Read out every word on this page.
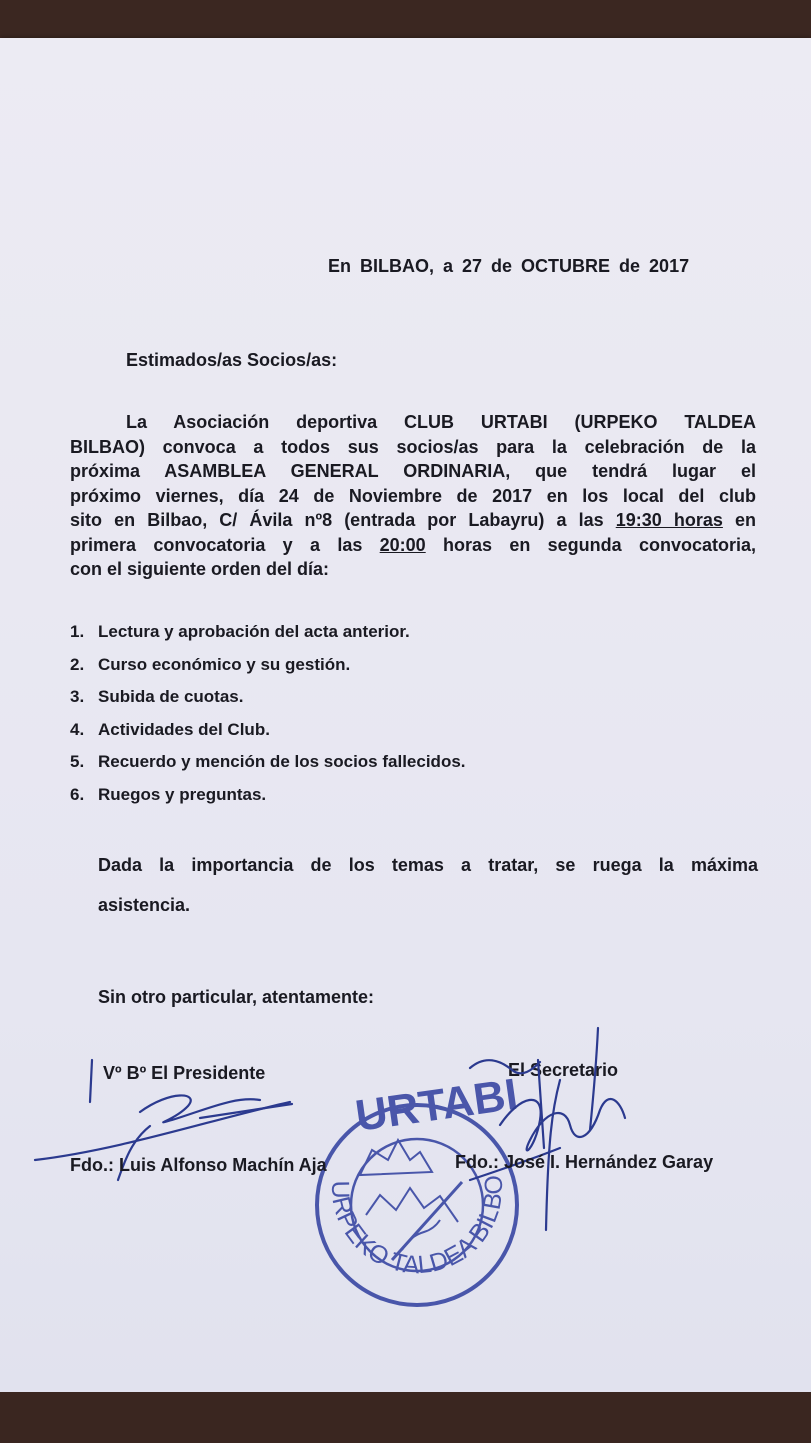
En BILBAO, a 27 de OCTUBRE de 2017
Estimados/as Socios/as:
La Asociación deportiva CLUB URTABI (URPEKO TALDEA
BILBAO) convoca a todos sus socios/as para la celebración de la
próxima ASAMBLEA GENERAL ORDINARIA, que tendrá lugar el
próximo viernes, día 24 de Noviembre de 2017 en los local del club
sito en Bilbao, C/ Ávila nº8 (entrada por Labayru) a las 19:30 horas en
primera convocatoria y a las 20:00 horas en segunda convocatoria,
con el siguiente orden del día:
1. Lectura y aprobación del acta anterior.
2. Curso económico y su gestión.
3. Subida de cuotas.
4. Actividades del Club.
5. Recuerdo y mención de los socios fallecidos.
6. Ruegos y preguntas.
Dada la importancia de los temas a tratar, se ruega la máxima
asistencia.
Sin otro particular, atentamente:
Vº Bº El Presidente	El Secretario
URTABI
URPEKO TALDEA BILBO
Fdo.: Luis Alfonso Machín Aja	Fdo.: José I. Hernández Garay
